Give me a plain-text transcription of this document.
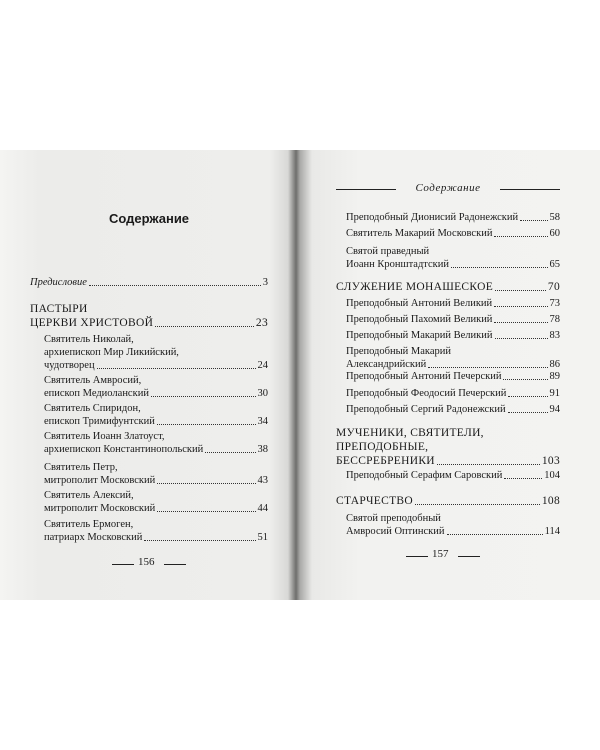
Содержание
Предисловие	3
ПАСТЫРИ
ЦЕРКВИ ХРИСТОВОЙ	23
Святитель Николай,
архиепископ Мир Ликийский,
чудотворец	24
Святитель Амвросий,
епископ Медиоланский	30
Святитель Спиридон,
епископ Тримифунтский	34
Святитель Иоанн Златоуст,
архиепископ Константинопольский	38
Святитель Петр,
митрополит Московский	43
Святитель Алексий,
митрополит Московский	44
Святитель Ермоген,
патриарх Московский	51
156
Содержание
Преподобный Дионисий Радонежский	58
Святитель Макарий Московский	60
Святой праведный
Иоанн Кронштадтский	65
СЛУЖЕНИЕ МОНАШЕСКОЕ	70
Преподобный Антоний Великий	73
Преподобный Пахомий Великий	78
Преподобный Макарий Великий	83
Преподобный Макарий
Александрийский	86
Преподобный Антоний Печерский	89
Преподобный Феодосий Печерский	91
Преподобный Сергий Радонежский	94
МУЧЕНИКИ, СВЯТИТЕЛИ,
ПРЕПОДОБНЫЕ,
БЕССРЕБРЕНИКИ	103
Преподобный Серафим Саровский	104
СТАРЧЕСТВО	108
Святой преподобный
Амвросий Оптинский	114
157
